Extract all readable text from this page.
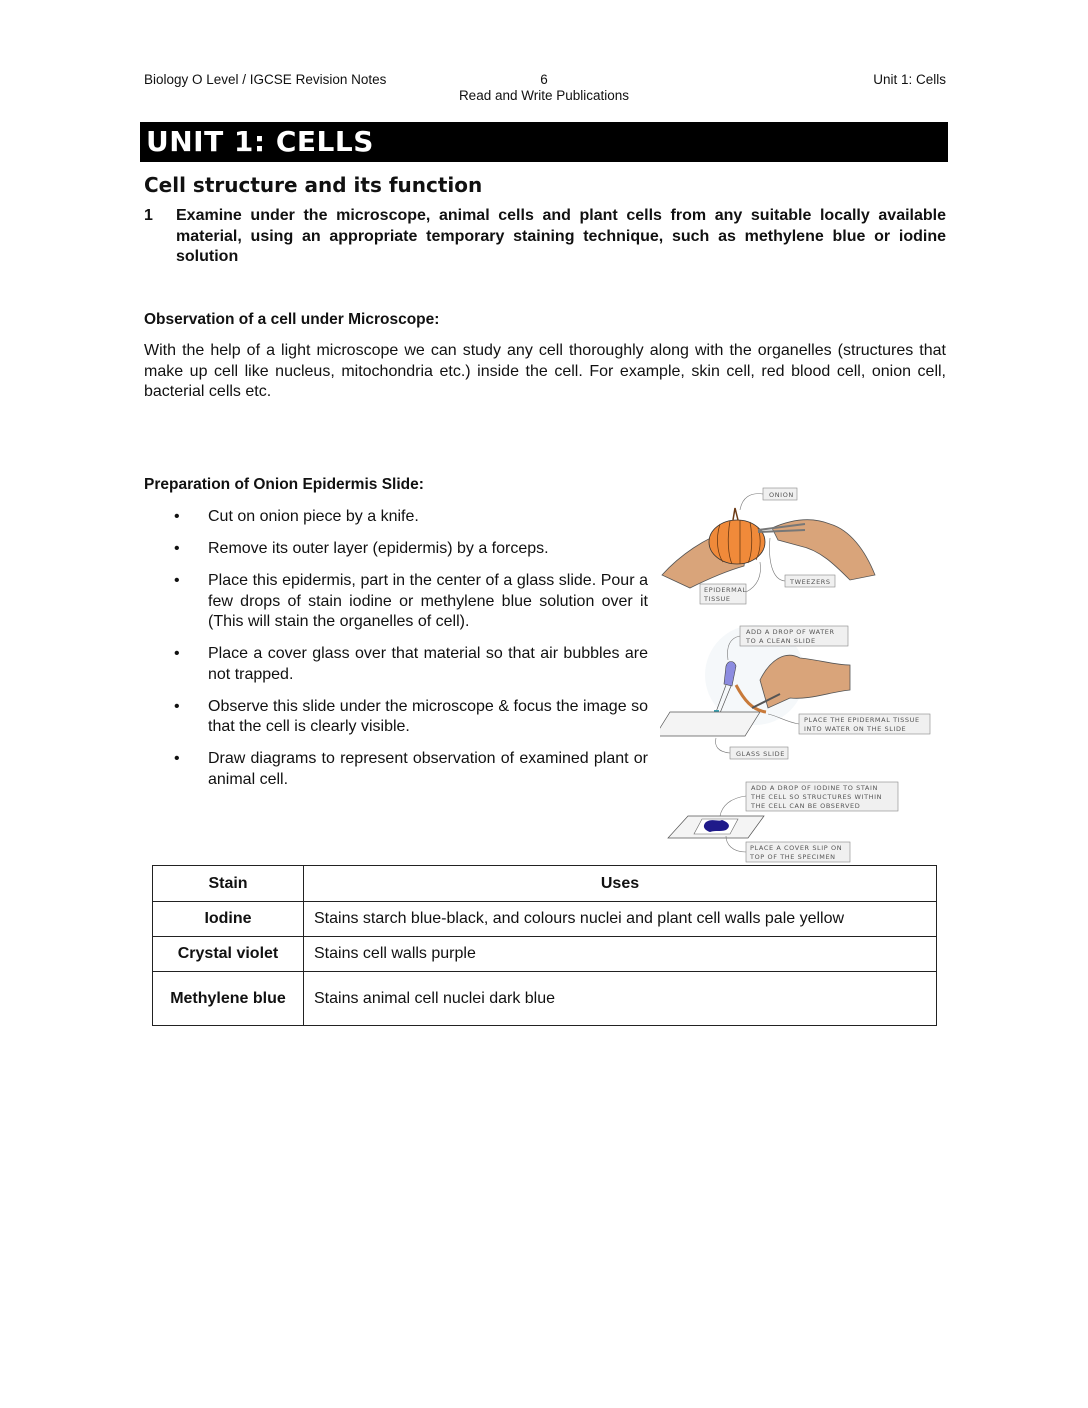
Biology O Level / IGCSE Revision Notes	6
Read and Write Publications
Unit 1: Cells
UNIT 1: CELLS
Cell structure and its function
1 Examine under the microscope, animal cells and plant cells from any suitable locally available material, using an appropriate temporary staining technique, such as methylene blue or iodine solution
Observation of a cell under Microscope:
With the help of a light microscope we can study any cell thoroughly along with the organelles (structures that make up cell like nucleus, mitochondria etc.) inside the cell. For example, skin cell, red blood cell, onion cell, bacterial cells etc.
Preparation of Onion Epidermis Slide:
• Cut on onion piece by a knife.
• Remove its outer layer (epidermis) by a forceps.
• Place this epidermis, part in the center of a glass slide. Pour a few drops of stain iodine or methylene blue solution over it (This will stain the organelles of cell).
• Place a cover glass over that material so that air bubbles are not trapped.
• Observe this slide under the microscope & focus the image so that the cell is clearly visible.
• Draw diagrams to represent observation of examined plant or animal cell.
ONION
TWEEZERS
EPIDERMAL
TISSUE
ADD A DROP OF WATER
TO A CLEAN SLIDE
PLACE THE EPIDERMAL TISSUE
INTO WATER ON THE SLIDE
GLASS SLIDE
ADD A DROP OF IODINE TO STAIN
THE CELL SO STRUCTURES WITHIN
THE CELL CAN BE OBSERVED
PLACE A COVER SLIP ON
TOP OF THE SPECIMEN
Stain	Uses
Iodine	Stains starch blue-black, and colours nuclei and plant cell walls pale yellow
Crystal violet	Stains cell walls purple
Methylene blue	Stains animal cell nuclei dark blue
